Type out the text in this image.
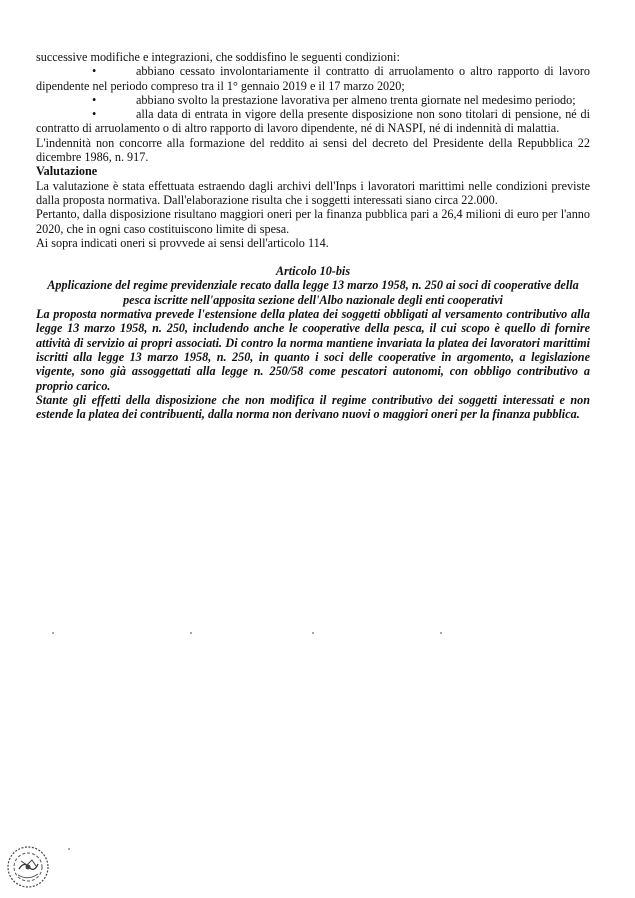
successive modifiche e integrazioni, che soddisfino le seguenti condizioni:

•	abbiano cessato involontariamente il contratto di arruolamento o altro rapporto di lavoro dipendente nel periodo compreso tra il 1° gennaio 2019 e il 17 marzo 2020;

•	abbiano svolto la prestazione lavorativa per almeno trenta giornate nel medesimo periodo;

•	alla data di entrata in vigore della presente disposizione non sono titolari di pensione, né di contratto di arruolamento o di altro rapporto di lavoro dipendente, né di NASPI, né di indennità di malattia.

L'indennità non concorre alla formazione del reddito ai sensi del decreto del Presidente della Repubblica 22 dicembre 1986, n. 917.

Valutazione

La valutazione è stata effettuata estraendo dagli archivi dell'Inps i lavoratori marittimi nelle condizioni previste dalla proposta normativa. Dall'elaborazione risulta che i soggetti interessati siano circa 22.000.

Pertanto, dalla disposizione risultano maggiori oneri per la finanza pubblica pari a 26,4 milioni di euro per l'anno 2020, che in ogni caso costituiscono limite di spesa.

Ai sopra indicati oneri si provvede ai sensi dell'articolo 114.

Articolo 10-bis

Applicazione del regime previdenziale recato dalla legge 13 marzo 1958, n. 250 ai soci di cooperative della pesca iscritte nell'apposita sezione dell'Albo nazionale degli enti cooperativi

La proposta normativa prevede l'estensione della platea dei soggetti obbligati al versamento contributivo alla legge 13 marzo 1958, n. 250, includendo anche le cooperative della pesca, il cui scopo è quello di fornire attività di servizio ai propri associati. Di contro la norma mantiene invariata la platea dei lavoratori marittimi iscritti alla legge 13 marzo 1958, n. 250, in quanto i soci delle cooperative in argomento, a legislazione vigente, sono già assoggettati alla legge n. 250/58 come pescatori autonomi, con obbligo contributivo a proprio carico.

Stante gli effetti della disposizione che non modifica il regime contributivo dei soggetti interessati e non estende la platea dei contribuenti, dalla norma non derivano nuovi o maggiori oneri per la finanza pubblica.
